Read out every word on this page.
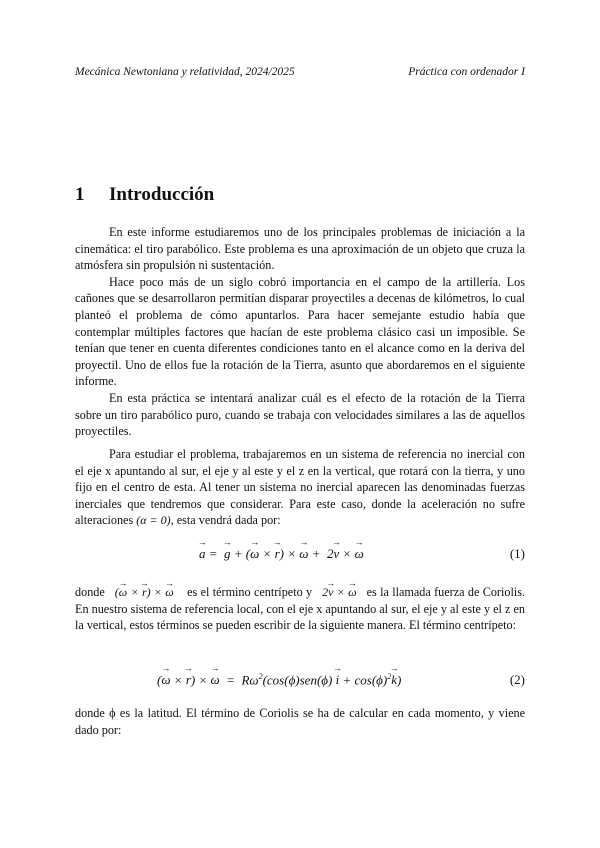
Mecánica Newtoniana y relatividad, 2024/2025	Práctica con ordenador I
1 Introducción

En este informe estudiaremos uno de los principales problemas de iniciación a la cinemática: el tiro parabólico. Este problema es una aproximación de un objeto que cruza la atmósfera sin propulsión ni sustentación.

Hace poco más de un siglo cobró importancia en el campo de la artillería. Los cañones que se desarrollaron permitían disparar proyectiles a decenas de kilómetros, lo cual planteó el problema de cómo apuntarlos. Para hacer semejante estudio había que contemplar múltiples factores que hacían de este problema clásico casi un imposible. Se tenían que tener en cuenta diferentes condiciones tanto en el alcance como en la deriva del proyectil. Uno de ellos fue la rotación de la Tierra, asunto que abordaremos en el siguiente informe.

En esta práctica se intentará analizar cuál es el efecto de la rotación de la Tierra sobre un tiro parabólico puro, cuando se trabaja con velocidades similares a las de aquellos proyectiles.

Para estudiar el problema, trabajaremos en un sistema de referencia no inercial con el eje x apuntando al sur, el eje y al este y el z en la vertical, que rotará con la tierra, y uno fijo en el centro de esta. Al tener un sistema no inercial aparecen las denominadas fuerzas inerciales que tendremos que considerar. Para este caso, donde la aceleración no sufre alteraciones (α = 0), esta vendrá dada por:

→ a =  → g + (→ ω × → r) × → ω +  2→ v × → ω	(1)

donde (→ ω × → r) × → ω es el término centrípeto y 2→ v × → ω es la llamada fuerza de Coriolis. En nuestro sistema de referencia local, con el eje x apuntando al sur, el eje y al este y el z en la vertical, estos términos se pueden escribir de la siguiente manera. El término centrípeto:

(→ ω × → r) × → $\omega = R\omega^2(\cos(\phi)sen(\phi) \to i + \cos(\phi)^2\to k)$	(2)

donde ϕ es la latitud. El término de Coriolis se ha de calcular en cada momento, y viene dado por:
